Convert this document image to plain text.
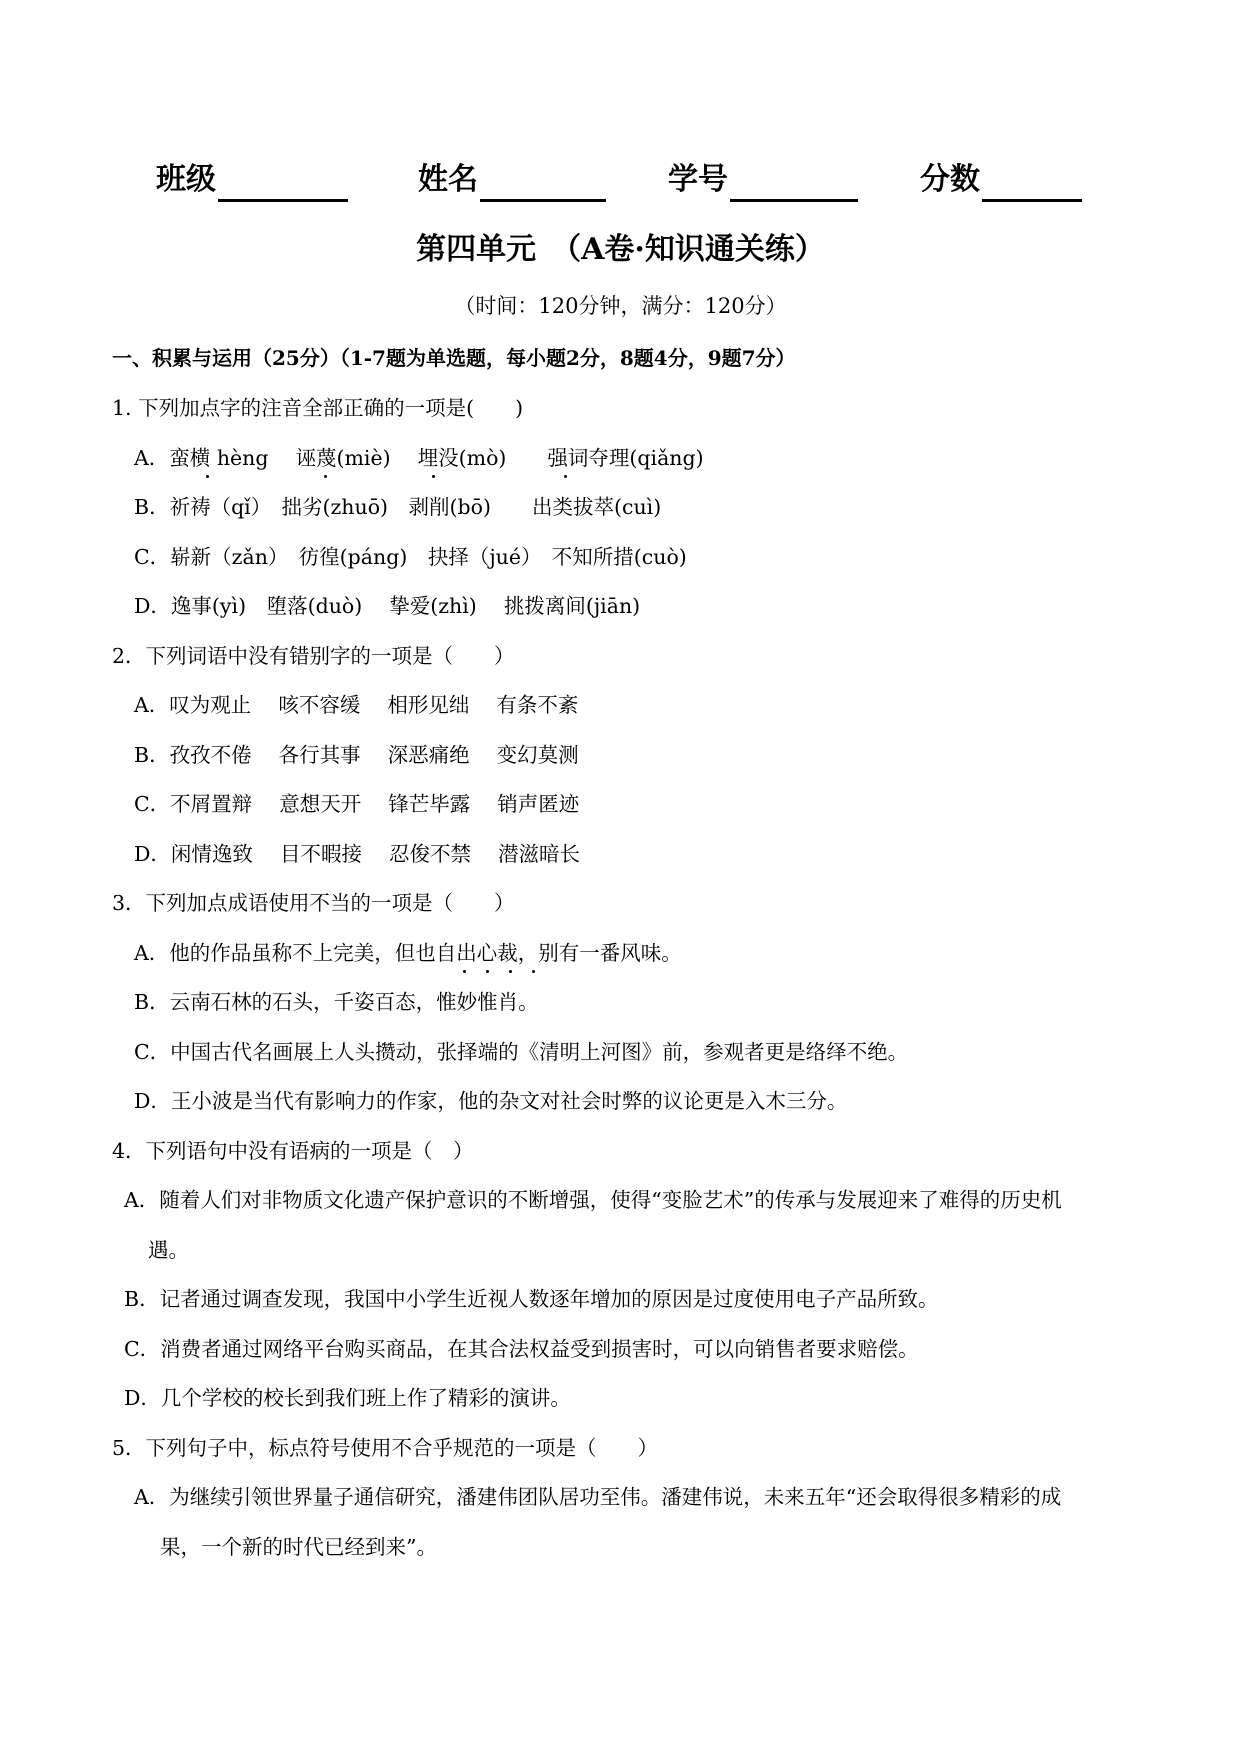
班级	姓名	学号	分数
第四单元　（A卷·知识通关练）
（时间：120分钟，满分：120分）
一、积累与运用（25分）（1-7题为单选题，每小题2分，8题4分，9题7分）
1. 下列加点字的注音全部正确的一项是(　　)
A．蛮横 hèng　 诬蔑(miè)　 埋没(mò)　　强词夺理(qiǎng)
B．祈祷（qǐ）　拙劣(zhuō)　剥削(bō)　　出类拔萃(cuì)
C．崭新（zǎn）　彷徨(páng)　抉择（jué）　不知所措(cuò)
D．逸事(yì)　堕落(duò)　 挚爱(zhì)　 挑拨离间(jiān)
2．下列词语中没有错别字的一项是（　　）
A．叹为观止　 咳不容缓　 相形见绌　 有条不紊
B．孜孜不倦　 各行其事　 深恶痛绝　 变幻莫测
C．不屑置辩　 意想天开　 锋芒毕露　 销声匿迹
D．闲情逸致　 目不暇接　 忍俊不禁　 潜滋暗长
3．下列加点成语使用不当的一项是（　　）
A．他的作品虽称不上完美，但也自出心裁，别有一番风味。
B．云南石林的石头，千姿百态，惟妙惟肖。
C．中国古代名画展上人头攒动，张择端的《清明上河图》前，参观者更是络绎不绝。
D．王小波是当代有影响力的作家，他的杂文对社会时弊的议论更是入木三分。
4．下列语句中没有语病的一项是（　）
A．随着人们对非物质文化遗产保护意识的不断增强，使得“变脸艺术”的传承与发展迎来了难得的历史机
遇。
B．记者通过调查发现，我国中小学生近视人数逐年增加的原因是过度使用电子产品所致。
C．消费者通过网络平台购买商品，在其合法权益受到损害时，可以向销售者要求赔偿。
D．几个学校的校长到我们班上作了精彩的演讲。
5．下列句子中，标点符号使用不合乎规范的一项是（　　）
A．为继续引领世界量子通信研究，潘建伟团队居功至伟。潘建伟说，未来五年“还会取得很多精彩的成
果，一个新的时代已经到来”。
